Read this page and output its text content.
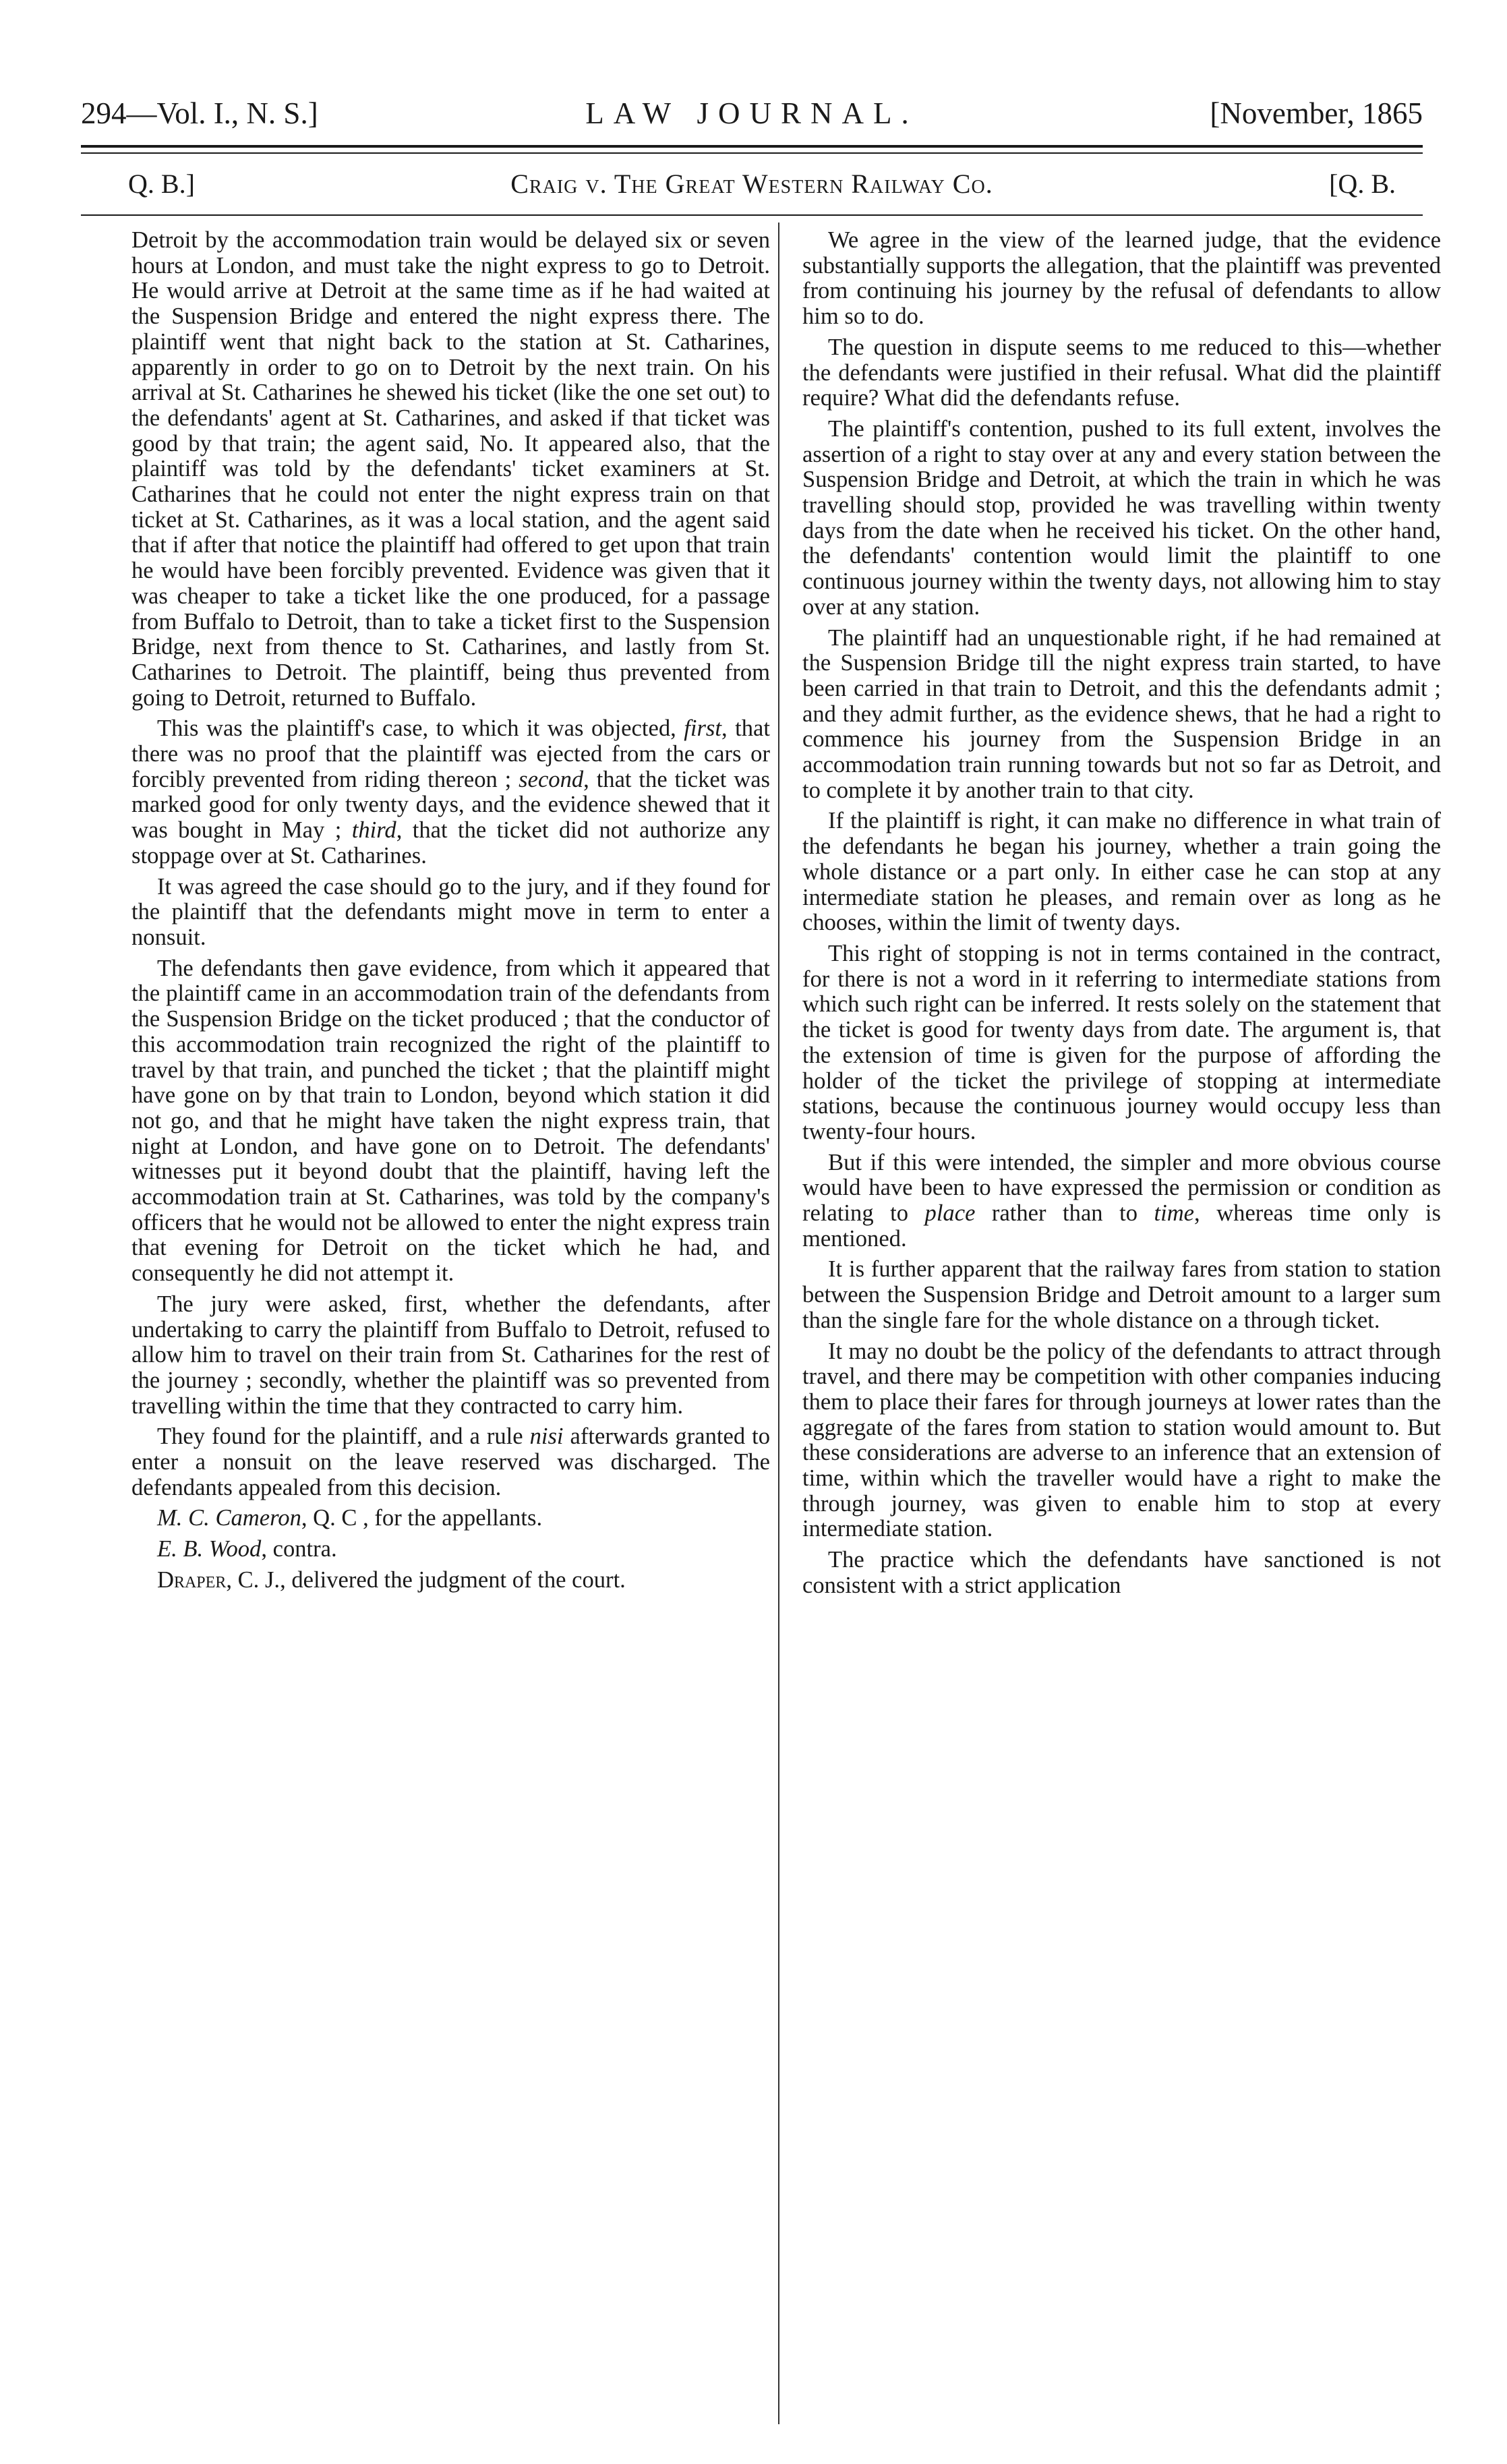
294—Vol. I., N. S.]	LAW JOURNAL.	[November, 1865
Q. B.]	Craig v. The Great Western Railway Co.	[Q. B.

Detroit by the accommodation train would be delayed six or seven hours at London, and must take the night express to go to Detroit. He would arrive at Detroit at the same time as if he had waited at the Suspension Bridge and entered the night express there. The plaintiff went that night back to the station at St. Catharines, apparently in order to go on to Detroit by the next train. On his arrival at St. Catharines he shewed his ticket (like the one set out) to the defendants' agent at St. Catharines, and asked if that ticket was good by that train; the agent said, No. It appeared also, that the plaintiff was told by the defendants' ticket examiners at St. Catharines that he could not enter the night express train on that ticket at St. Catharines, as it was a local station, and the agent said that if after that notice the plaintiff had offered to get upon that train he would have been forcibly prevented. Evidence was given that it was cheaper to take a ticket like the one produced, for a passage from Buffalo to Detroit, than to take a ticket first to the Suspension Bridge, next from thence to St. Catharines, and lastly from St. Catharines to Detroit. The plaintiff, being thus prevented from going to Detroit, returned to Buffalo.

This was the plaintiff's case, to which it was objected, first, that there was no proof that the plaintiff was ejected from the cars or forcibly prevented from riding thereon ; second, that the ticket was marked good for only twenty days, and the evidence shewed that it was bought in May ; third, that the ticket did not authorize any stoppage over at St. Catharines.

It was agreed the case should go to the jury, and if they found for the plaintiff that the defendants might move in term to enter a nonsuit.

The defendants then gave evidence, from which it appeared that the plaintiff came in an accommodation train of the defendants from the Suspension Bridge on the ticket produced ; that the conductor of this accommodation train recognized the right of the plaintiff to travel by that train, and punched the ticket ; that the plaintiff might have gone on by that train to London, beyond which station it did not go, and that he might have taken the night express train, that night at London, and have gone on to Detroit. The defendants' witnesses put it beyond doubt that the plaintiff, having left the accommodation train at St. Catharines, was told by the company's officers that he would not be allowed to enter the night express train that evening for Detroit on the ticket which he had, and consequently he did not attempt it.

The jury were asked, first, whether the defendants, after undertaking to carry the plaintiff from Buffalo to Detroit, refused to allow him to travel on their train from St. Catharines for the rest of the journey ; secondly, whether the plaintiff was so prevented from travelling within the time that they contracted to carry him.

They found for the plaintiff, and a rule nisi afterwards granted to enter a nonsuit on the leave reserved was discharged. The defendants appealed from this decision.

M. C. Cameron, Q. C , for the appellants.

E. B. Wood, contra.

Draper, C. J., delivered the judgment of the court.

We agree in the view of the learned judge, that the evidence substantially supports the allegation, that the plaintiff was prevented from continuing his journey by the refusal of defendants to allow him so to do.

The question in dispute seems to me reduced to this—whether the defendants were justified in their refusal. What did the plaintiff require? What did the defendants refuse.

The plaintiff's contention, pushed to its full extent, involves the assertion of a right to stay over at any and every station between the Suspension Bridge and Detroit, at which the train in which he was travelling should stop, provided he was travelling within twenty days from the date when he received his ticket. On the other hand, the defendants' contention would limit the plaintiff to one continuous journey within the twenty days, not allowing him to stay over at any station.

The plaintiff had an unquestionable right, if he had remained at the Suspension Bridge till the night express train started, to have been carried in that train to Detroit, and this the defendants admit ; and they admit further, as the evidence shews, that he had a right to commence his journey from the Suspension Bridge in an accommodation train running towards but not so far as Detroit, and to complete it by another train to that city.

If the plaintiff is right, it can make no difference in what train of the defendants he began his journey, whether a train going the whole distance or a part only. In either case he can stop at any intermediate station he pleases, and remain over as long as he chooses, within the limit of twenty days.

This right of stopping is not in terms contained in the contract, for there is not a word in it referring to intermediate stations from which such right can be inferred. It rests solely on the statement that the ticket is good for twenty days from date. The argument is, that the extension of time is given for the purpose of affording the holder of the ticket the privilege of stopping at intermediate stations, because the continuous journey would occupy less than twenty-four hours.

But if this were intended, the simpler and more obvious course would have been to have expressed the permission or condition as relating to place rather than to time, whereas time only is mentioned.

It is further apparent that the railway fares from station to station between the Suspension Bridge and Detroit amount to a larger sum than the single fare for the whole distance on a through ticket.

It may no doubt be the policy of the defendants to attract through travel, and there may be competition with other companies inducing them to place their fares for through journeys at lower rates than the aggregate of the fares from station to station would amount to. But these considerations are adverse to an inference that an extension of time, within which the traveller would have a right to make the through journey, was given to enable him to stop at every intermediate station.

The practice which the defendants have sanctioned is not consistent with a strict application
